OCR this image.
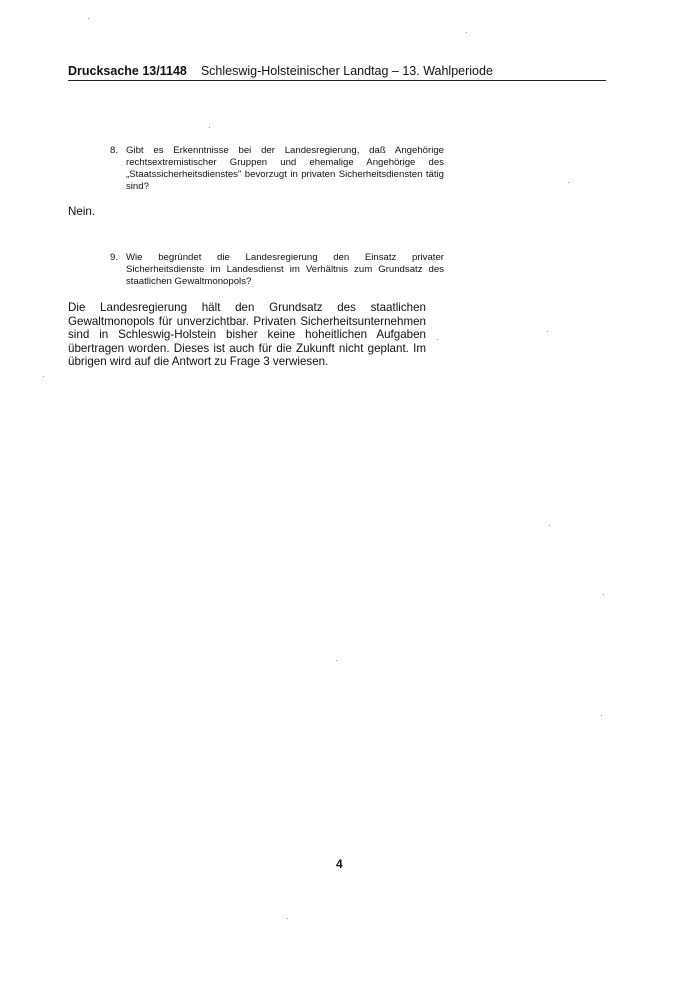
Drucksache 13/1148 Schleswig-Holsteinischer Landtag – 13. Wahlperiode
8. Gibt es Erkenntnisse bei der Landesregierung, daß Angehörige rechtsextremistischer Gruppen und ehemalige Angehörige des „Staatssicherheitsdienstes" bevorzugt in privaten Sicherheitsdiensten tätig sind?
Nein.
9. Wie begründet die Landesregierung den Einsatz privater Sicherheitsdienste im Landesdienst im Verhältnis zum Grundsatz des staatlichen Gewaltmonopols?
Die Landesregierung hält den Grundsatz des staatlichen Gewaltmonopols für unverzichtbar. Privaten Sicherheitsunternehmen sind in Schleswig-Holstein bisher keine hoheitlichen Aufgaben übertragen worden. Dieses ist auch für die Zukunft nicht geplant. Im übrigen wird auf die Antwort zu Frage 3 verwiesen.
4
